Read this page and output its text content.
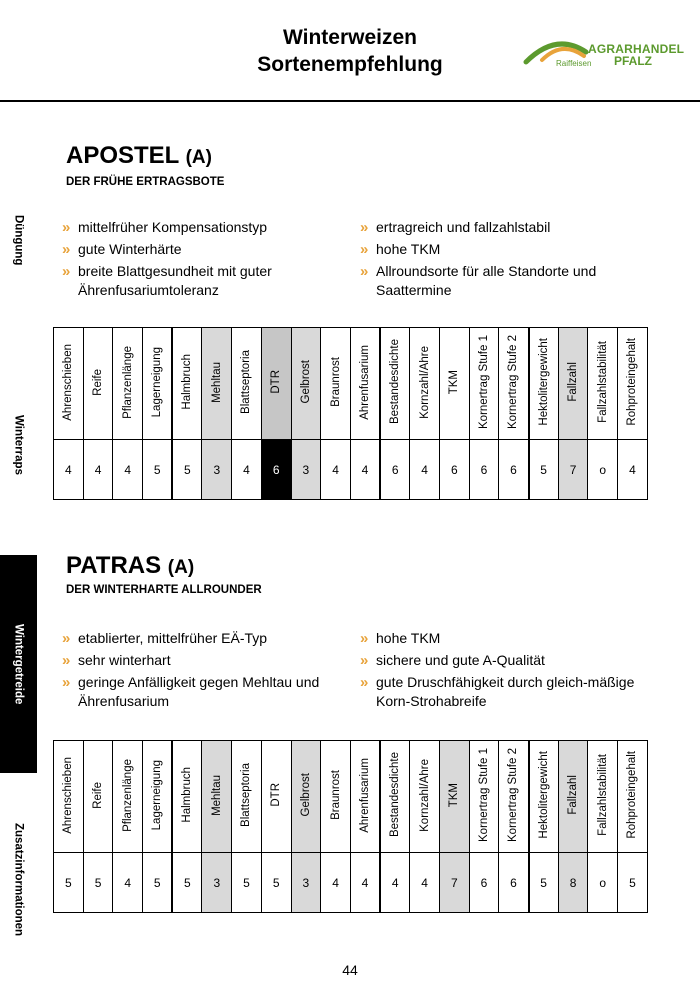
Winterweizen
Sortenempfehlung
AGRARHANDEL
Raiffeisen PFALZ
Düngung
Winterraps
Wintergetreide
Zusatzinformationen
APOSTEL (A)
DER FRÜHE ERTRAGSBOTE
» mittelfrüher Kompensationstyp
» gute Winterhärte
» breite Blattgesundheit mit guter Ährenfusariumtoleranz
» ertragreich und fallzahlstabil
» hohe TKM
» Allroundsorte für alle Standorte und Saattermine
Ährenschieben	Reife	Pflanzenlänge	Lagerneigung	Halmbruch	Mehltau	Blattseptoria	DTR	Gelbrost	Braunrost	Ährenfusarium	Bestandesdichte	Kornzahl/Ähre	TKM	Kornertrag Stufe 1	Kornertrag Stufe 2	Hektolitergewicht	Fallzahl	Fallzahlstabilität	Rohproteingehalt
4	4	4	5	5	3	4	6	3	4	4	6	4	6	6	6	5	7	o	4
PATRAS (A)
DER WINTERHARTE ALLROUNDER
» etablierter, mittelfrüher EÄ-Typ
» sehr winterhart
» geringe Anfälligkeit gegen Mehltau und Ährenfusarium
» hohe TKM
» sichere und gute A-Qualität
» gute Druschfähigkeit durch gleich-mäßige Korn-Strohabreife
Ährenschieben	Reife	Pflanzenlänge	Lagerneigung	Halmbruch	Mehltau	Blattseptoria	DTR	Gelbrost	Braunrost	Ährenfusarium	Bestandesdichte	Kornzahl/Ähre	TKM	Kornertrag Stufe 1	Kornertrag Stufe 2	Hektolitergewicht	Fallzahl	Fallzahlstabilität	Rohproteingehalt
5	5	4	5	5	3	5	5	3	4	4	4	4	7	6	6	5	8	o	5
44
